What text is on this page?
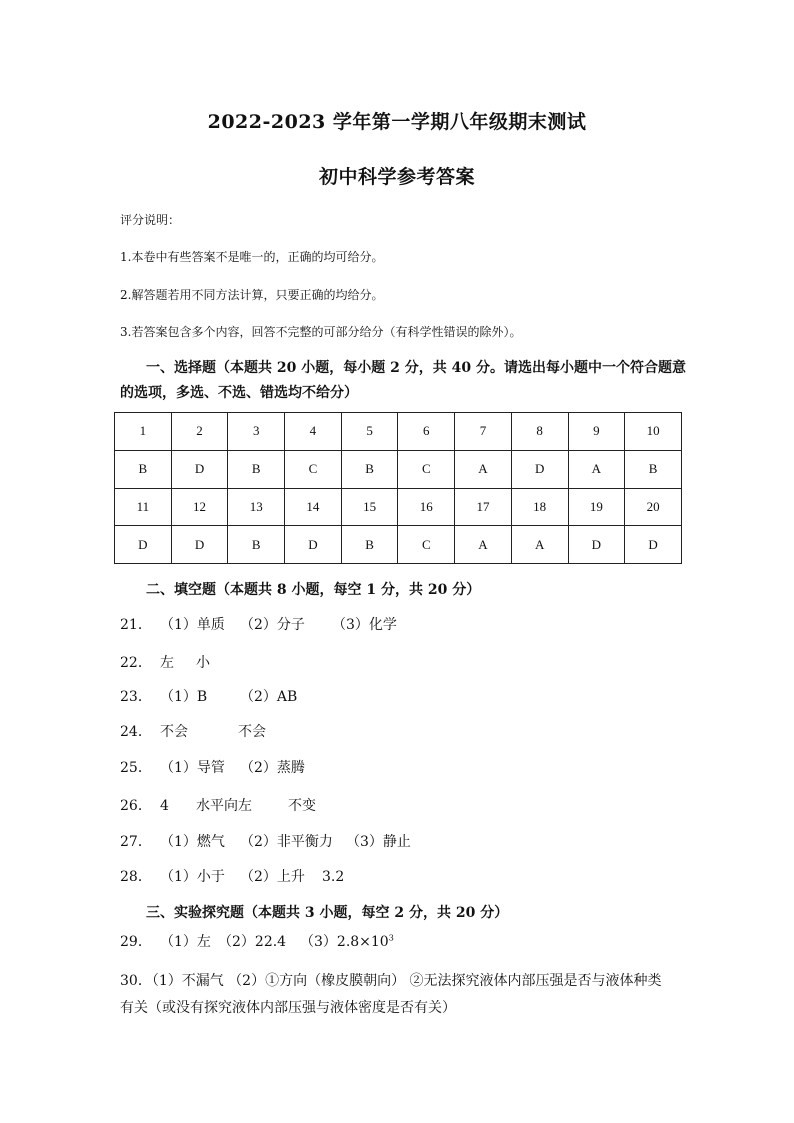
2022-2023 学年第一学期八年级期末测试
初中科学参考答案
评分说明：
1.本卷中有些答案不是唯一的，正确的均可给分。
2.解答题若用不同方法计算，只要正确的均给分。
3.若答案包含多个内容，回答不完整的可部分给分（有科学性错误的除外）。
一、选择题（本题共 20 小题，每小题 2 分，共 40 分。请选出每小题中一个符合题意
的选项，多选、不选、错选均不给分）
1	2	3	4	5	6	7	8	9	10
B	D	B	C	B	C	A	D	A	B
11	12	13	14	15	16	17	18	19	20
D	D	B	D	B	C	A	A	D	D
二、填空题（本题共 8 小题，每空 1 分，共 20 分）
21． （1）单质 （2）分子 （3）化学
22． 左 小
23． （1）B （2）AB
24． 不会	不会
25． （1）导管 （2）蒸腾
26． 4 水平向左	不变
27． （1）燃气 （2）非平衡力 （3）静止
28． （1）小于 （2）上升 3.2
三、实验探究题（本题共 3 小题，每空 2 分，共 20 分）
29． （1）左 （2）22.4 $(3)2.8\times 10^3$
30．（1）不漏气 （2）①方向（橡皮膜朝向） ②无法探究液体内部压强是否与液体种类
有关（或没有探究液体内部压强与液体密度是否有关）
